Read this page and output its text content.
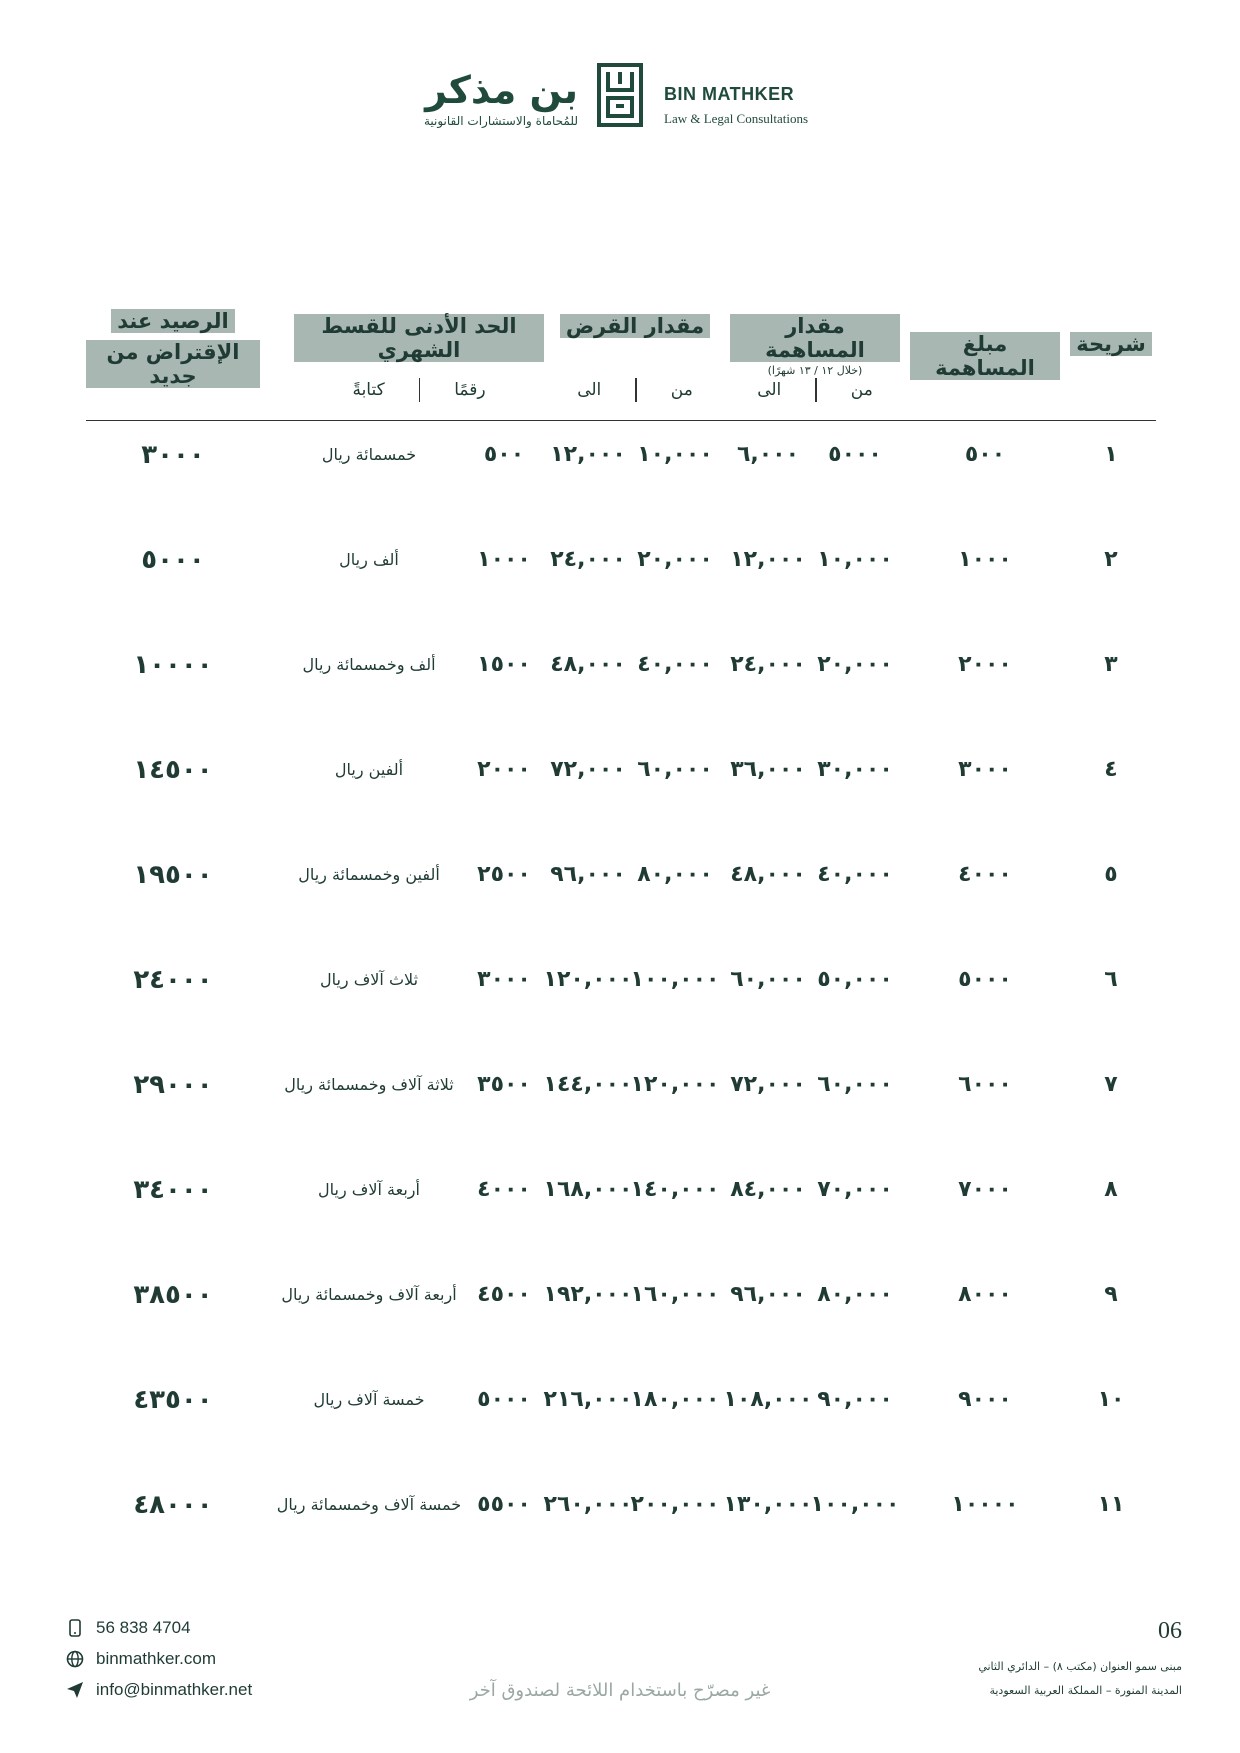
بن مذكر
للمُحاماة والاستشارات القانونية
BIN MATHKER
Law & Legal Consultations
شريحة
مبلغ المساهمة
مقدار المساهمة
(خلال ١٢ / ١٣ شهرًا)
من
الى
مقدار القرض
من
الى
الحد الأدنى للقسط الشهري
رقمًا
كتابةً
الرصيد عند
الإقتراض من جديد
١
٥٠٠
٥٠٠٠
٦,٠٠٠
١٠,٠٠٠
١٢,٠٠٠
٥٠٠
خمسمائة ريال
٣٠٠٠
٢
١٠٠٠
١٠,٠٠٠
١٢,٠٠٠
٢٠,٠٠٠
٢٤,٠٠٠
١٠٠٠
ألف ريال
٥٠٠٠
٣
٢٠٠٠
٢٠,٠٠٠
٢٤,٠٠٠
٤٠,٠٠٠
٤٨,٠٠٠
١٥٠٠
ألف وخمسمائة ريال
١٠٠٠٠
٤
٣٠٠٠
٣٠,٠٠٠
٣٦,٠٠٠
٦٠,٠٠٠
٧٢,٠٠٠
٢٠٠٠
ألفين ريال
١٤٥٠٠
٥
٤٠٠٠
٤٠,٠٠٠
٤٨,٠٠٠
٨٠,٠٠٠
٩٦,٠٠٠
٢٥٠٠
ألفين وخمسمائة ريال
١٩٥٠٠
٦
٥٠٠٠
٥٠,٠٠٠
٦٠,٠٠٠
١٠٠,٠٠٠
١٢٠,٠٠٠
٣٠٠٠
ثلاث آلاف ريال
٢٤٠٠٠
٧
٦٠٠٠
٦٠,٠٠٠
٧٢,٠٠٠
١٢٠,٠٠٠
١٤٤,٠٠٠
٣٥٠٠
ثلاثة آلاف وخمسمائة ريال
٢٩٠٠٠
٨
٧٠٠٠
٧٠,٠٠٠
٨٤,٠٠٠
١٤٠,٠٠٠
١٦٨,٠٠٠
٤٠٠٠
أربعة آلاف ريال
٣٤٠٠٠
٩
٨٠٠٠
٨٠,٠٠٠
٩٦,٠٠٠
١٦٠,٠٠٠
١٩٢,٠٠٠
٤٥٠٠
أربعة آلاف وخمسمائة ريال
٣٨٥٠٠
١٠
٩٠٠٠
٩٠,٠٠٠
١٠٨,٠٠٠
١٨٠,٠٠٠
٢١٦,٠٠٠
٥٠٠٠
خمسة آلاف ريال
٤٣٥٠٠
١١
١٠٠٠٠
١٠٠,٠٠٠
١٣٠,٠٠٠
٢٠٠,٠٠٠
٢٦٠,٠٠٠
٥٥٠٠
خمسة آلاف وخمسمائة ريال
٤٨٠٠٠
56 838 4704
binmathker.com
info@binmathker.net	غير مصرّح باستخدام اللائحة لصندوق آخر
06
مبنى سمو العنوان (مكتب ٨) – الدائري الثاني
المدينة المنورة – المملكة العربية السعودية
